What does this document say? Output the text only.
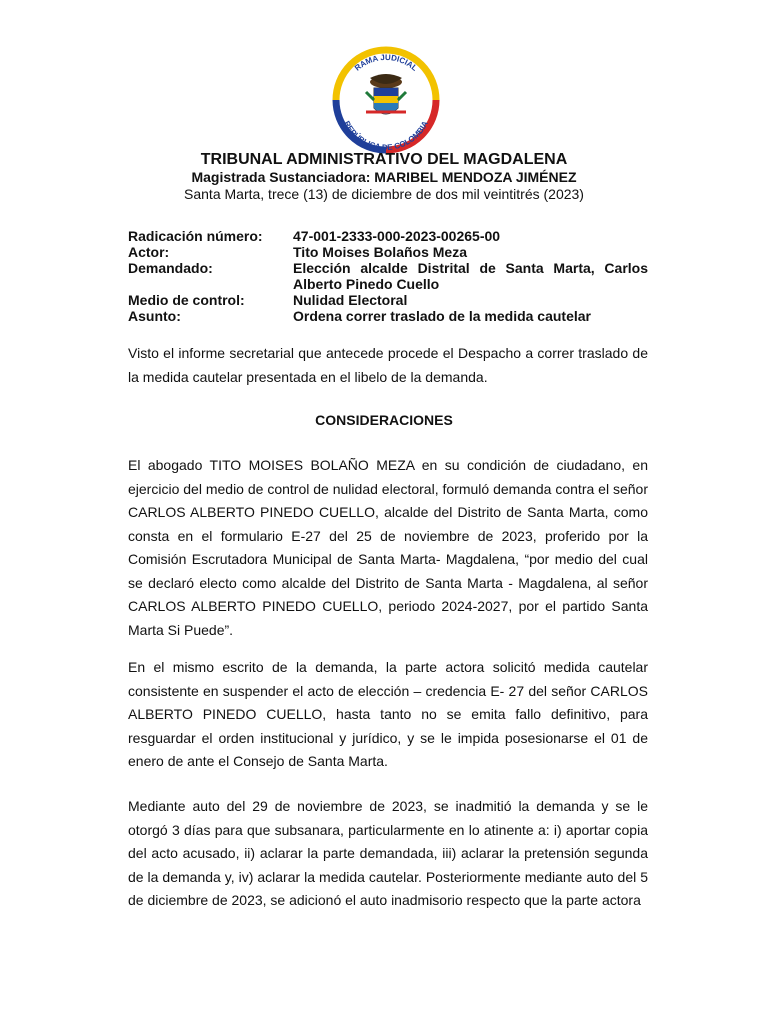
RAMA JUDICIAL
REPÚBLICA DE COLOMBIA

TRIBUNAL ADMINISTRATIVO DEL MAGDALENA

Magistrada Sustanciadora: MARIBEL MENDOZA JIMÉNEZ

Santa Marta, trece (13) de diciembre de dos mil veintitrés (2023)

Radicación número:	47-001-2333-000-2023-00265-00
Actor:	Tito Moises Bolaños Meza
Demandado:	Elección alcalde Distrital de Santa Marta, Carlos Alberto Pinedo Cuello
Medio de control:	Nulidad Electoral
Asunto:	Ordena correr traslado de la medida cautelar

Visto el informe secretarial que antecede procede el Despacho a correr traslado de la medida cautelar presentada en el libelo de la demanda.

CONSIDERACIONES

El abogado TITO MOISES BOLAÑO MEZA en su condición de ciudadano, en ejercicio del medio de control de nulidad electoral, formuló demanda contra el señor CARLOS ALBERTO PINEDO CUELLO, alcalde del Distrito de Santa Marta, como consta en el formulario E-27 del 25 de noviembre de 2023, proferido por la Comisión Escrutadora Municipal de Santa Marta- Magdalena, “por medio del cual se declaró electo como alcalde del Distrito de Santa Marta - Magdalena, al señor CARLOS ALBERTO PINEDO CUELLO, periodo 2024-2027, por el partido Santa Marta Si Puede”.

En el mismo escrito de la demanda, la parte actora solicitó medida cautelar consistente en suspender el acto de elección – credencia E- 27 del señor CARLOS ALBERTO PINEDO CUELLO, hasta tanto no se emita fallo definitivo, para resguardar el orden institucional y jurídico, y se le impida posesionarse el 01 de enero de ante el Consejo de Santa Marta.

Mediante auto del 29 de noviembre de 2023, se inadmitió la demanda y se le otorgó 3 días para que subsanara, particularmente en lo atinente a: i) aportar copia del acto acusado, ii) aclarar la parte demandada, iii) aclarar la pretensión segunda de la demanda y, iv) aclarar la medida cautelar. Posteriormente mediante auto del 5 de diciembre de 2023, se adicionó el auto inadmisorio respecto que la parte actora
